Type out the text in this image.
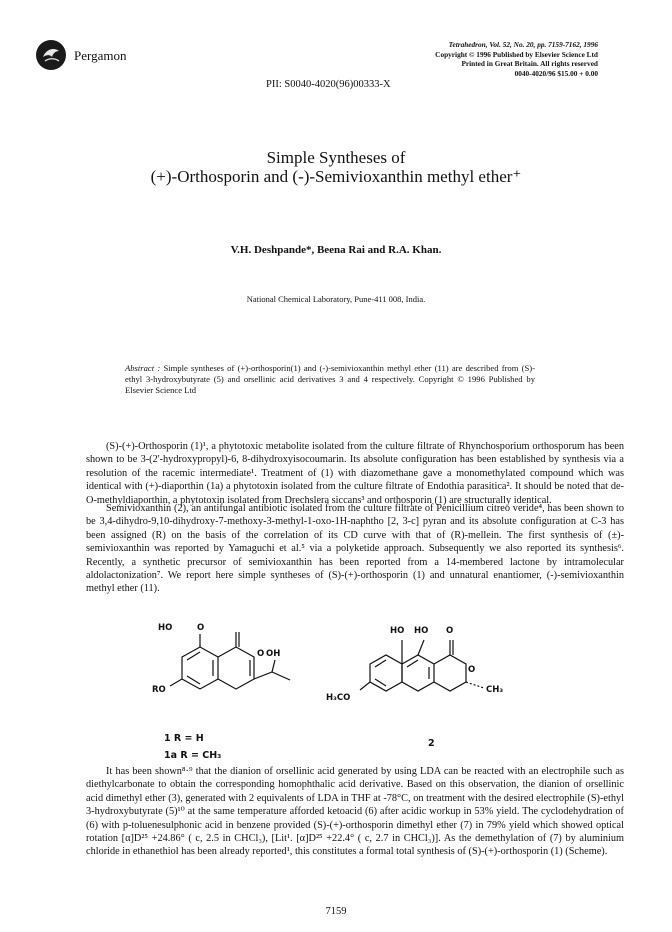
Pergamon
Tetrahedron, Vol. 52, No. 20, pp. 7159-7162, 1996
Copyright © 1996 Published by Elsevier Science Ltd
Printed in Great Britain. All rights reserved
0040-4020/96 $15.00 + 0.00
PII: S0040-4020(96)00333-X
Simple Syntheses of
(+)-Orthosporin and (-)-Semivioxanthin methyl ether⁺
V.H. Deshpande*, Beena Rai and R.A. Khan.
National Chemical Laboratory, Pune-411 008, India.
Abstract : Simple syntheses of (+)-orthosporin(1) and (-)-semivioxanthin methyl ether (11) are described from (S)-ethyl 3-hydroxybutyrate (5) and orsellinic acid derivatives 3 and 4 respectively. Copyright © 1996 Published by Elsevier Science Ltd

(S)-(+)-Orthosporin (1)¹, a phytotoxic metabolite isolated from the culture filtrate of Rhynchosporium orthosporum has been shown to be 3-(2'-hydroxypropyl)-6, 8-dihydroxyisocoumarin. Its absolute configuration has been established by synthesis via a resolution of the racemic intermediate¹. Treatment of (1) with diazomethane gave a monomethylated compound which was identical with (+)-diaporthin (1a) a phytotoxin isolated from the culture filtrate of Endothia parasitica². It should be noted that de-O-methyldiaporthin, a phytotoxin isolated from Drechslera siccans³ and orthosporin (1) are structurally identical.

Semivioxanthin (2), an antifungal antibiotic isolated from the culture filtrate of Penicillium citreo veride⁴, has been shown to be 3,4-dihydro-9,10-dihydroxy-7-methoxy-3-methyl-1-oxo-1H-naphtho [2, 3-c] pyran and its absolute configuration at C-3 has been assigned (R) on the basis of the correlation of its CD curve with that of (R)-mellein. The first synthesis of (±)-semivioxanthin was reported by Yamaguchi et al.⁵ via a polyketide approach. Subsequently we also reported its synthesis⁶. Recently, a synthetic precursor of semivioxanthin has been reported from a 14-membered lactone by intramolecular aldolactonization⁷. We report here simple syntheses of (S)-(+)-orthosporin (1) and unnatural enantiomer, (-)-semivioxanthin methyl ether (11).

HO	O
O OH
RO
HO HO O
O
CH₃
H₃CO
1 R = H
1a R = CH₃
2

It has been shown⁸·⁹ that the dianion of orsellinic acid generated by using LDA can be reacted with an electrophile such as diethylcarbonate to obtain the corresponding homophthalic acid derivative. Based on this observation, the dianion of orsellinic acid dimethyl ether (3), generated with 2 equivalents of LDA in THF at -78°C, on treatment with the desired electrophile (S)-ethyl 3-hydroxybutyrate (5)¹⁰ at the same temperature afforded ketoacid (6) after acidic workup in 53% yield. The cyclodehydration of (6) with p-toluenesulphonic acid in benzene provided (S)-(+)-orthosporin dimethyl ether (7) in 79% yield which showed optical rotation [α]D²⁵ +24.86° ( c, 2.5 in CHCl₃), [Lit¹. [α]D²⁵ +22.4° ( c, 2.7 in CHCl₃)]. As the demethylation of (7) by aluminium chloride in ethanethiol has been already reported¹, this constitutes a formal total synthesis of (S)-(+)-orthosporin (1) (Scheme).

7159
